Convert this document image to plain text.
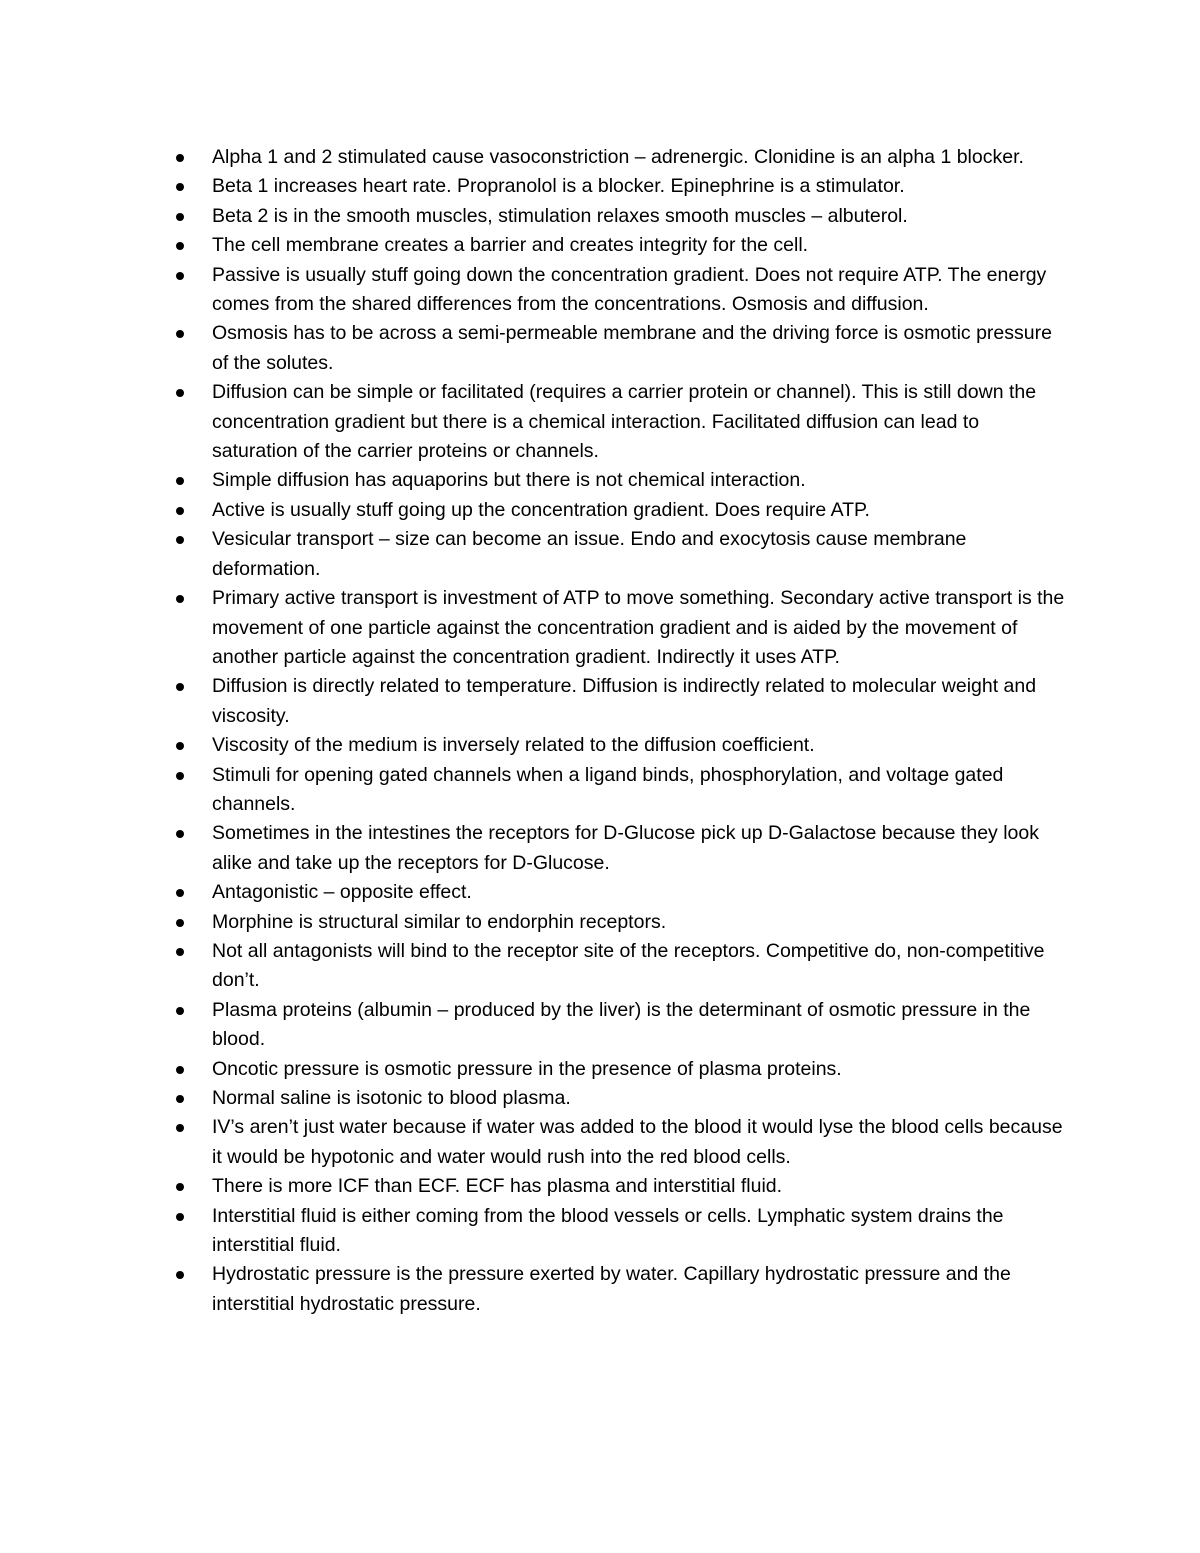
Alpha 1 and 2 stimulated cause vasoconstriction – adrenergic. Clonidine is an alpha 1 blocker.
Beta 1 increases heart rate. Propranolol is a blocker. Epinephrine is a stimulator.
Beta 2 is in the smooth muscles, stimulation relaxes smooth muscles – albuterol.
The cell membrane creates a barrier and creates integrity for the cell.
Passive is usually stuff going down the concentration gradient. Does not require ATP. The energy comes from the shared differences from the concentrations. Osmosis and diffusion.
Osmosis has to be across a semi-permeable membrane and the driving force is osmotic pressure of the solutes.
Diffusion can be simple or facilitated (requires a carrier protein or channel). This is still down the concentration gradient but there is a chemical interaction. Facilitated diffusion can lead to saturation of the carrier proteins or channels.
Simple diffusion has aquaporins but there is not chemical interaction.
Active is usually stuff going up the concentration gradient. Does require ATP.
Vesicular transport – size can become an issue. Endo and exocytosis cause membrane deformation.
Primary active transport is investment of ATP to move something. Secondary active transport is the movement of one particle against the concentration gradient and is aided by the movement of another particle against the concentration gradient. Indirectly it uses ATP.
Diffusion is directly related to temperature. Diffusion is indirectly related to molecular weight and viscosity.
Viscosity of the medium is inversely related to the diffusion coefficient.
Stimuli for opening gated channels when a ligand binds, phosphorylation, and voltage gated channels.
Sometimes in the intestines the receptors for D-Glucose pick up D-Galactose because they look alike and take up the receptors for D-Glucose.
Antagonistic – opposite effect.
Morphine is structural similar to endorphin receptors.
Not all antagonists will bind to the receptor site of the receptors. Competitive do, non-competitive don’t.
Plasma proteins (albumin – produced by the liver) is the determinant of osmotic pressure in the blood.
Oncotic pressure is osmotic pressure in the presence of plasma proteins.
Normal saline is isotonic to blood plasma.
IV’s aren’t just water because if water was added to the blood it would lyse the blood cells because it would be hypotonic and water would rush into the red blood cells.
There is more ICF than ECF. ECF has plasma and interstitial fluid.
Interstitial fluid is either coming from the blood vessels or cells. Lymphatic system drains the interstitial fluid.
Hydrostatic pressure is the pressure exerted by water. Capillary hydrostatic pressure and the interstitial hydrostatic pressure.
